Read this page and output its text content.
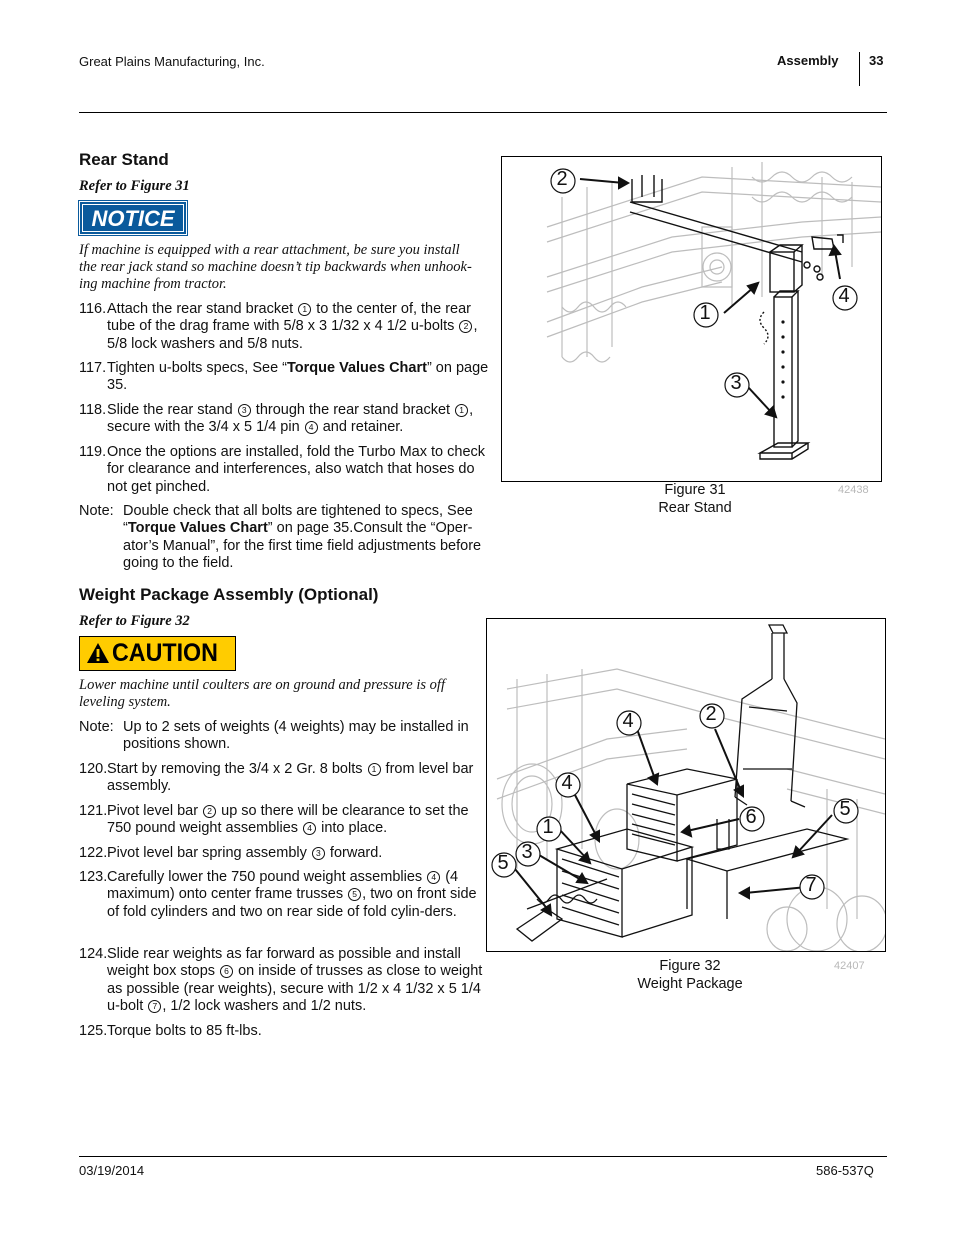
Great Plains Manufacturing, Inc.	Assembly 33
Rear Stand
Refer to Figure 31
NOTICE
If machine is equipped with a rear attachment, be sure you install
the rear jack stand so machine doesn’t tip backwards when unhook-
ing machine from tractor.
116. Attach the rear stand bracket 1 to the center of, the rear tube of the drag frame with 5/8 x 3 1/32 x 4 1/2 u-bolts 2 , 5/8 lock washers and 5/8 nuts.
117. Tighten u-bolts specs, See “Torque Values Chart” on page 35.
118. Slide the rear stand 3 through the rear stand bracket 1 , secure with the 3/4 x 5 1/4 pin 4 and retainer.
119. Once the options are installed, fold the Turbo Max to check for clearance and interferences, also watch that hoses do not get pinched.
Note: Double check that all bolts are tightened to specs, See “Torque Values Chart” on page 35.Consult the “Oper-ator’s Manual”, for the first time field adjustments before going to the field.
Weight Package Assembly (Optional)
Refer to Figure 32
CAUTION
Lower machine until coulters are on ground and pressure is off
leveling system.
Note: Up to 2 sets of weights (4 weights) may be installed in positions shown.
120. Start by removing the 3/4 x 2 Gr. 8 bolts 1 from level bar assembly.
121. Pivot level bar 2 up so there will be clearance to set the 750 pound weight assemblies 4 into place.
122. Pivot level bar spring assembly 3 forward.
123. Carefully lower the 750 pound weight assemblies 4 (4 maximum) onto center frame trusses 5 , two on front side of fold cylinders and two on rear side of fold cylin-ders.
124. Slide rear weights as far forward as possible and install weight box stops 6 on inside of trusses as close to weight as possible (rear weights), secure with 1/2 x 4 1/32 x 5 1/4 u-bolt 7 , 1/2 lock washers and 1/2 nuts.
125. Torque bolts to 85 ft-lbs.
2
4
1
3
Figure 31
Rear Stand
42438
4	2
4
6	5
1
3
5
7
Figure 32
Weight Package
42407
03/19/2014	586-537Q
